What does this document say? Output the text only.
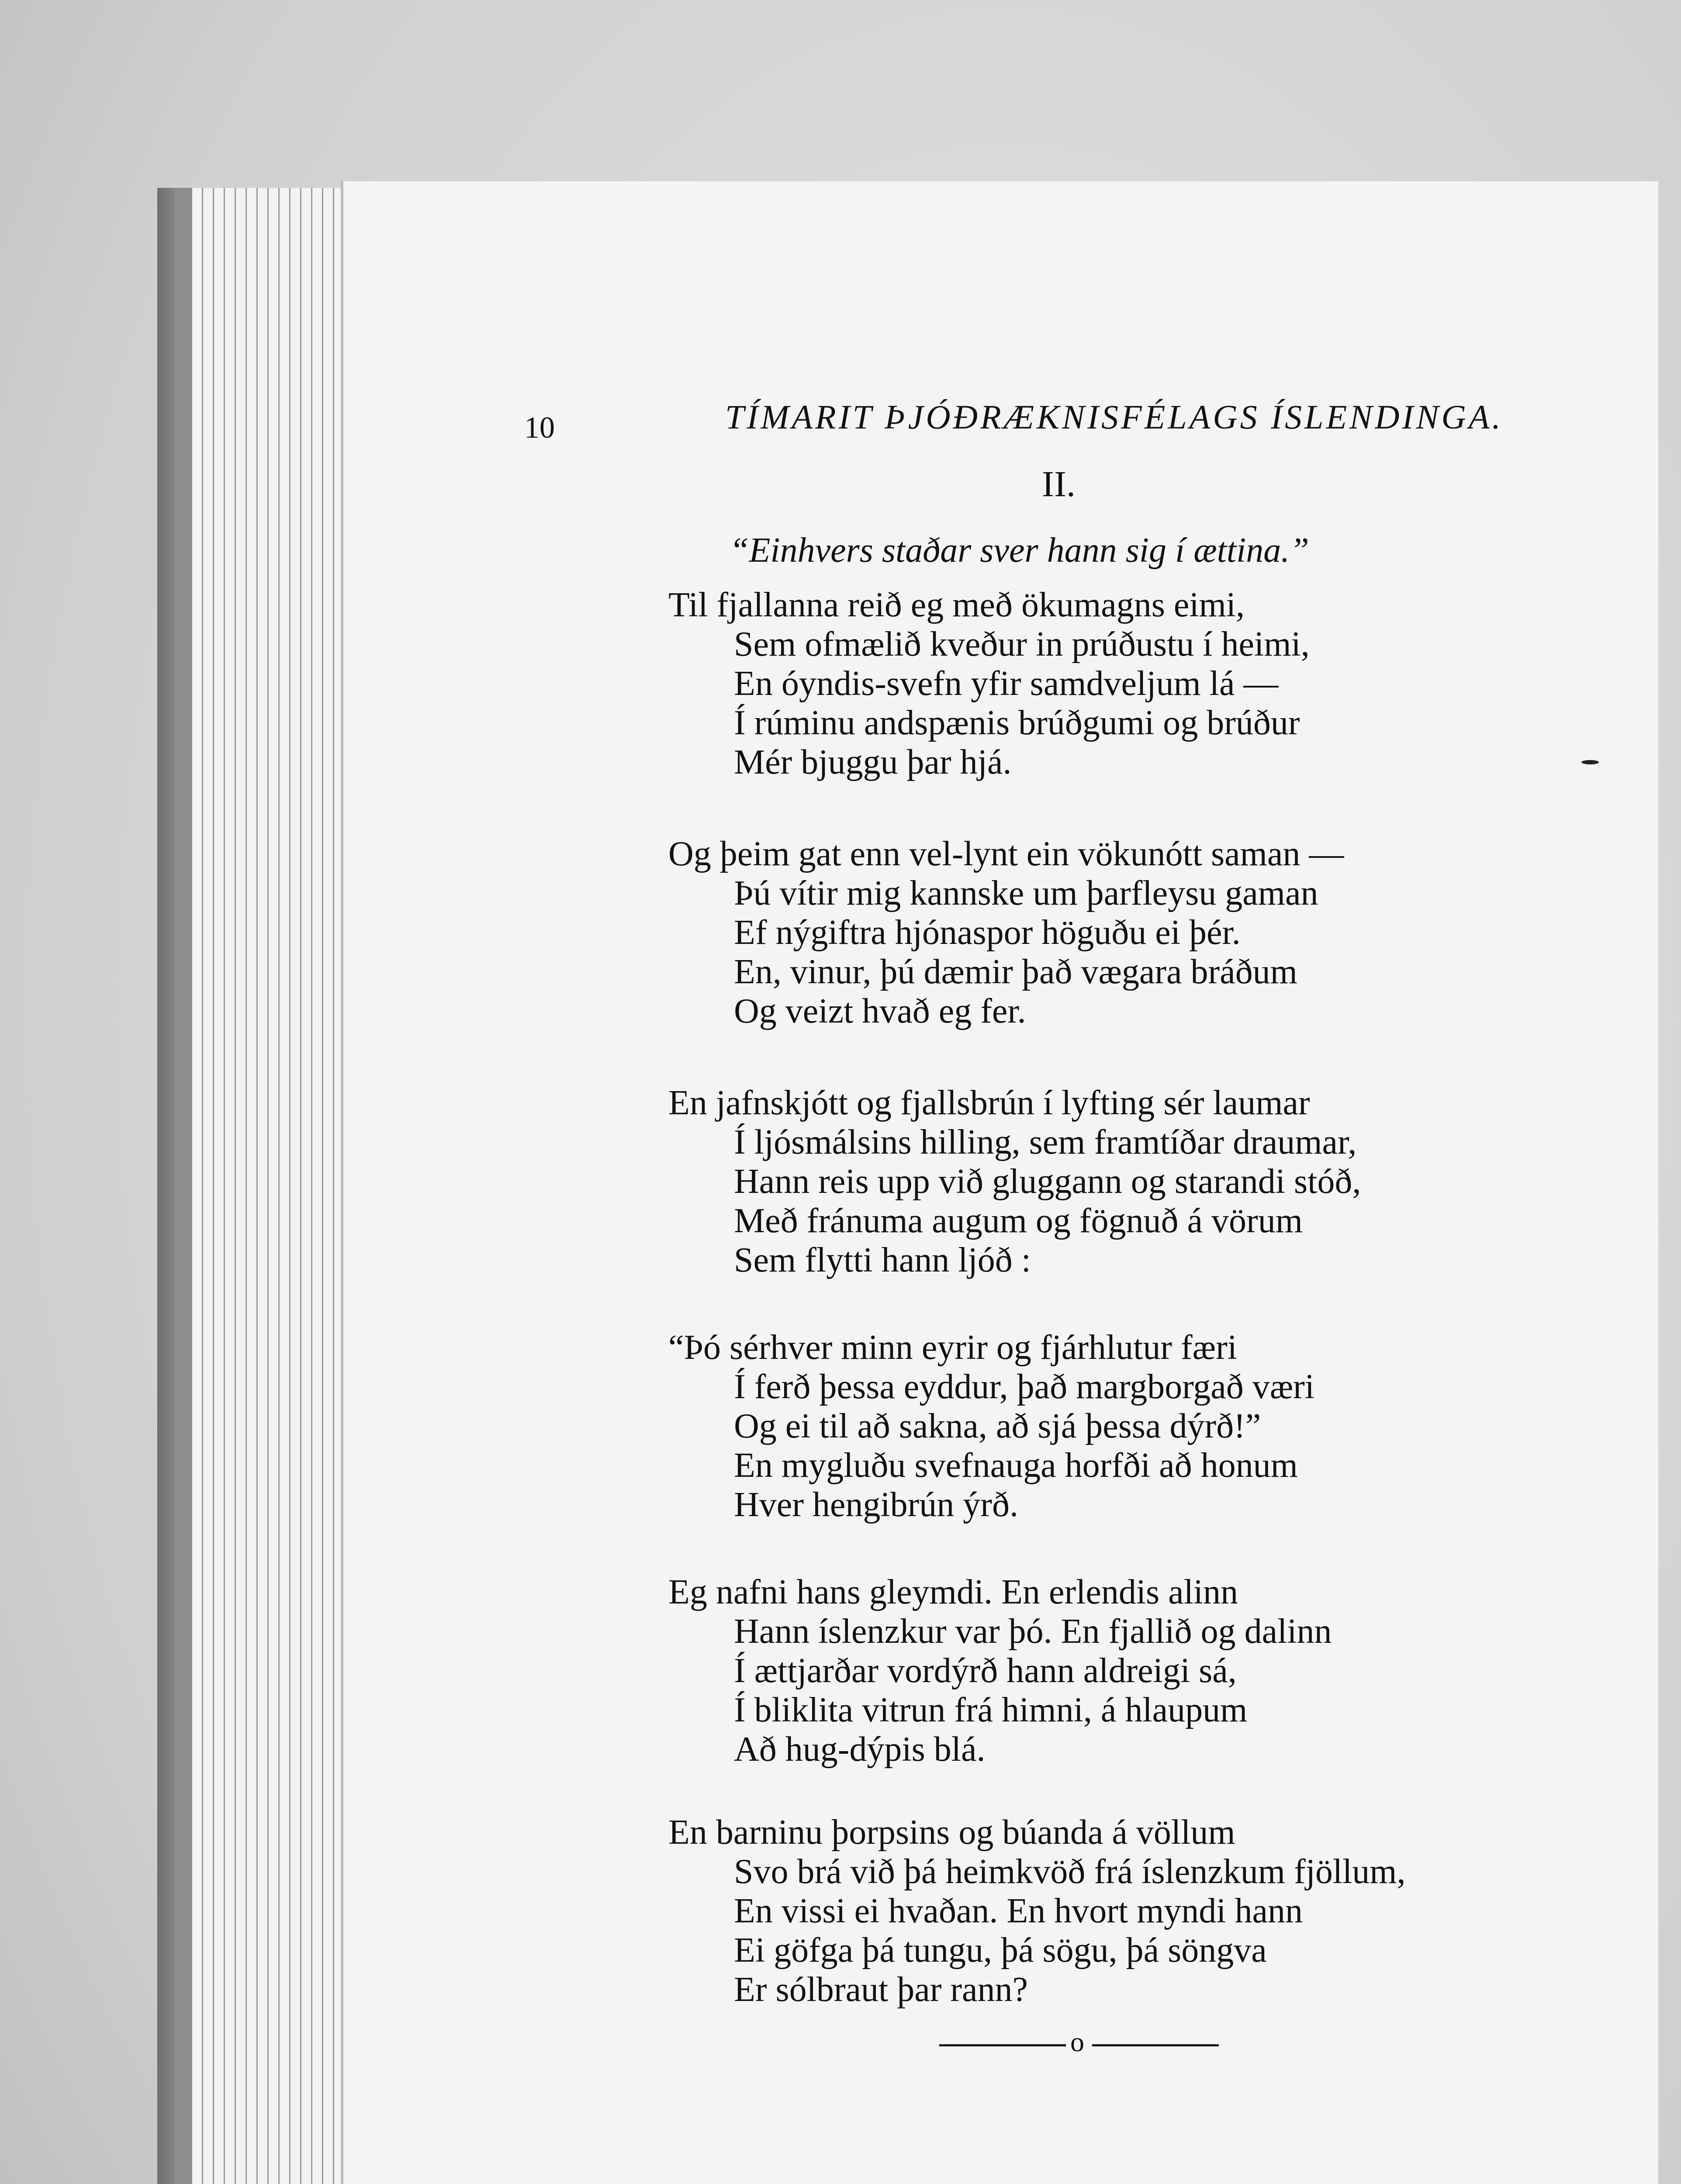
10	TÍMARIT ÞJÓÐRÆKNISFÉLAGS ÍSLENDINGA.
II.
“Einhvers staðar sver hann sig í ættina.”
Til fjallanna reið eg með ökumagns eimi,
Sem ofmælið kveður in prúðustu í heimi,
En óyndis-svefn yfir samdveljum lá —
Í rúminu andspænis brúðgumi og brúður
Mér bjuggu þar hjá.
Og þeim gat enn vel-lynt ein vökunótt saman —
Þú vítir mig kannske um þarfleysu gaman
Ef nýgiftra hjónaspor höguðu ei þér.
En, vinur, þú dæmir það vægara bráðum
Og veizt hvað eg fer.
En jafnskjótt og fjallsbrún í lyfting sér laumar
Í ljósmálsins hilling, sem framtíðar draumar,
Hann reis upp við gluggann og starandi stóð,
Með fránuma augum og fögnuð á vörum
Sem flytti hann ljóð :
“Þó sérhver minn eyrir og fjárhlutur færi
Í ferð þessa eyddur, það margborgað væri
Og ei til að sakna, að sjá þessa dýrð!”
En mygluðu svefnauga horfði að honum
Hver hengibrún ýrð.
Eg nafni hans gleymdi. En erlendis alinn
Hann íslenzkur var þó. En fjallið og dalinn
Í ættjarðar vordýrð hann aldreigi sá,
Í bliklita vitrun frá himni, á hlaupum
Að hug-dýpis blá.
En barninu þorpsins og búanda á völlum
Svo brá við þá heimkvöð frá íslenzkum fjöllum,
En vissi ei hvaðan. En hvort myndi hann
Ei göfga þá tungu, þá sögu, þá söngva
Er sólbraut þar rann?
o
